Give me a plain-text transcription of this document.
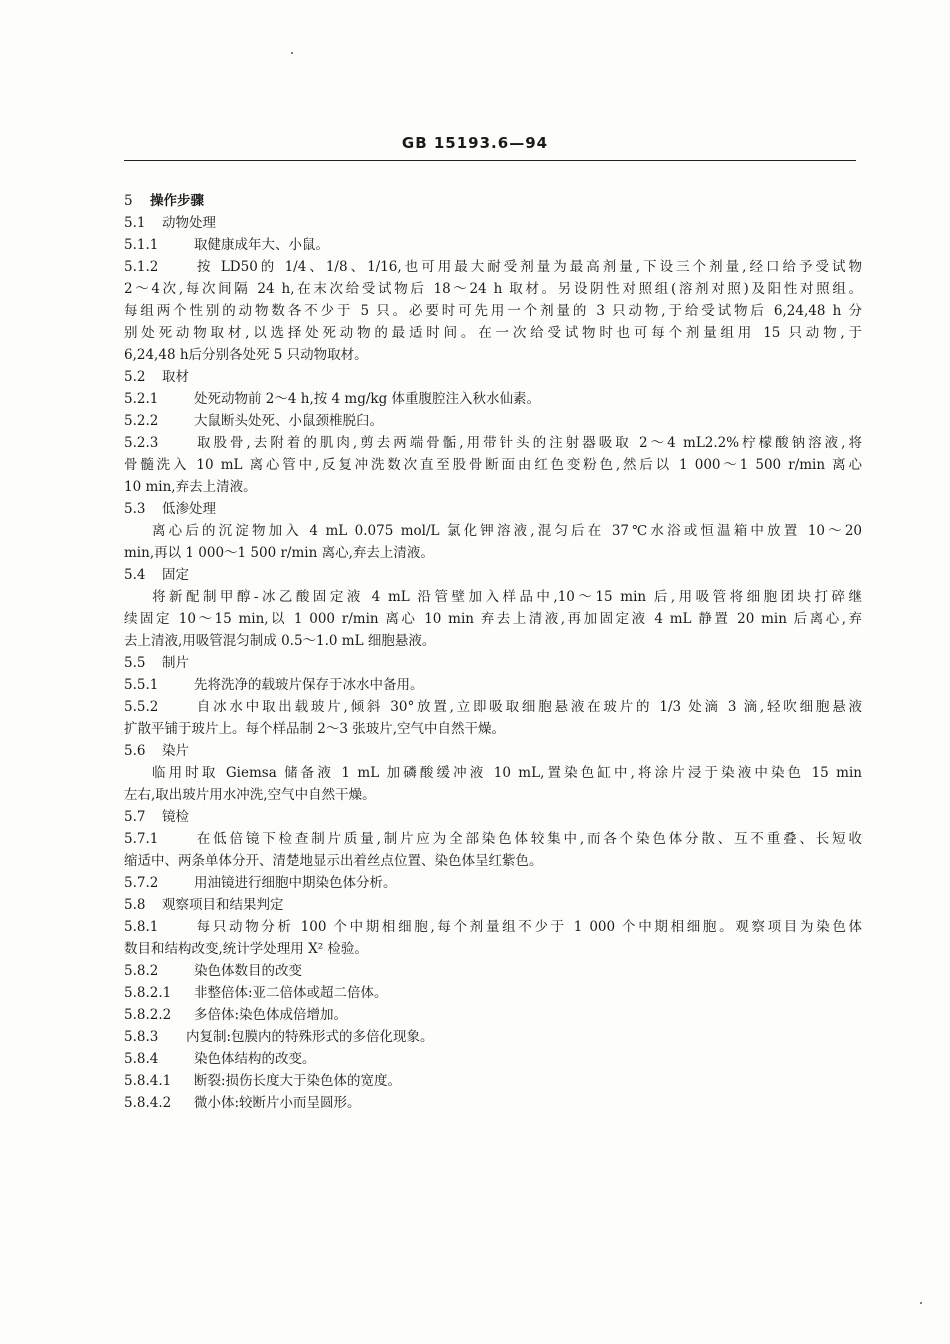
GB 15193.6—94
5 操作步骤
5.1 动物处理
5.1.1	取健康成年大、小鼠。
5.1.2	按 LD50的 1/4、1/8、1/16,也可用最大耐受剂量为最高剂量,下设三个剂量,经口给予受试物
2～4次,每次间隔 24 h,在末次给受试物后 18～24 h 取材。另设阴性对照组(溶剂对照)及阳性对照组。
每组两个性别的动物数各不少于 5 只。必要时可先用一个剂量的 3 只动物,于给受试物后 6,24,48 h 分
别处死动物取材,以选择处死动物的最适时间。在一次给受试物时也可每个剂量组用 15 只动物,于
6,24,48 h后分别各处死 5 只动物取材。
5.2 取材
5.2.1	处死动物前 2～4 h,按 4 mg/kg 体重腹腔注入秋水仙素。
5.2.2	大鼠断头处死、小鼠颈椎脱臼。
5.2.3	取股骨,去附着的肌肉,剪去两端骨骺,用带针头的注射器吸取 2～4 mL2.2%柠檬酸钠溶液,将
骨髓洗入 10 mL 离心管中,反复冲洗数次直至股骨断面由红色变粉色,然后以 1 000～1 500 r/min 离心
10 min,弃去上清液。
5.3 低渗处理
离心后的沉淀物加入 4 mL 0.075 mol/L 氯化钾溶液,混匀后在 37℃水浴或恒温箱中放置 10～20
min,再以 1 000～1 500 r/min 离心,弃去上清液。
5.4 固定
将新配制甲醇-冰乙酸固定液 4 mL 沿管壁加入样品中,10～15 min 后,用吸管将细胞团块打碎继
续固定 10～15 min,以 1 000 r/min 离心 10 min 弃去上清液,再加固定液 4 mL 静置 20 min 后离心,弃
去上清液,用吸管混匀制成 0.5～1.0 mL 细胞悬液。
5.5 制片
5.5.1	先将洗净的载玻片保存于冰水中备用。
5.5.2	自冰水中取出载玻片,倾斜 30°放置,立即吸取细胞悬液在玻片的 1/3 处滴 3 滴,轻吹细胞悬液
扩散平铺于玻片上。每个样品制 2～3 张玻片,空气中自然干燥。
5.6 染片
临用时取 Giemsa 储备液 1 mL 加磷酸缓冲液 10 mL,置染色缸中,将涂片浸于染液中染色 15 min
左右,取出玻片用水冲洗,空气中自然干燥。
5.7 镜检
5.7.1	在低倍镜下检查制片质量,制片应为全部染色体较集中,而各个染色体分散、互不重叠、长短收
缩适中、两条单体分开、清楚地显示出着丝点位置、染色体呈红紫色。
5.7.2	用油镜进行细胞中期染色体分析。
5.8 观察项目和结果判定
5.8.1	每只动物分析 100 个中期相细胞,每个剂量组不少于 1 000 个中期相细胞。观察项目为染色体
数目和结构改变,统计学处理用 X² 检验。
5.8.2	染色体数目的改变
5.8.2.1 非整倍体:亚二倍体或超二倍体。
5.8.2.2 多倍体:染色体成倍增加。
5.8.3 内复制:包膜内的特殊形式的多倍化现象。
5.8.4	染色体结构的改变。
5.8.4.1 断裂:损伤长度大于染色体的宽度。
5.8.4.2 微小体:较断片小而呈圆形。
